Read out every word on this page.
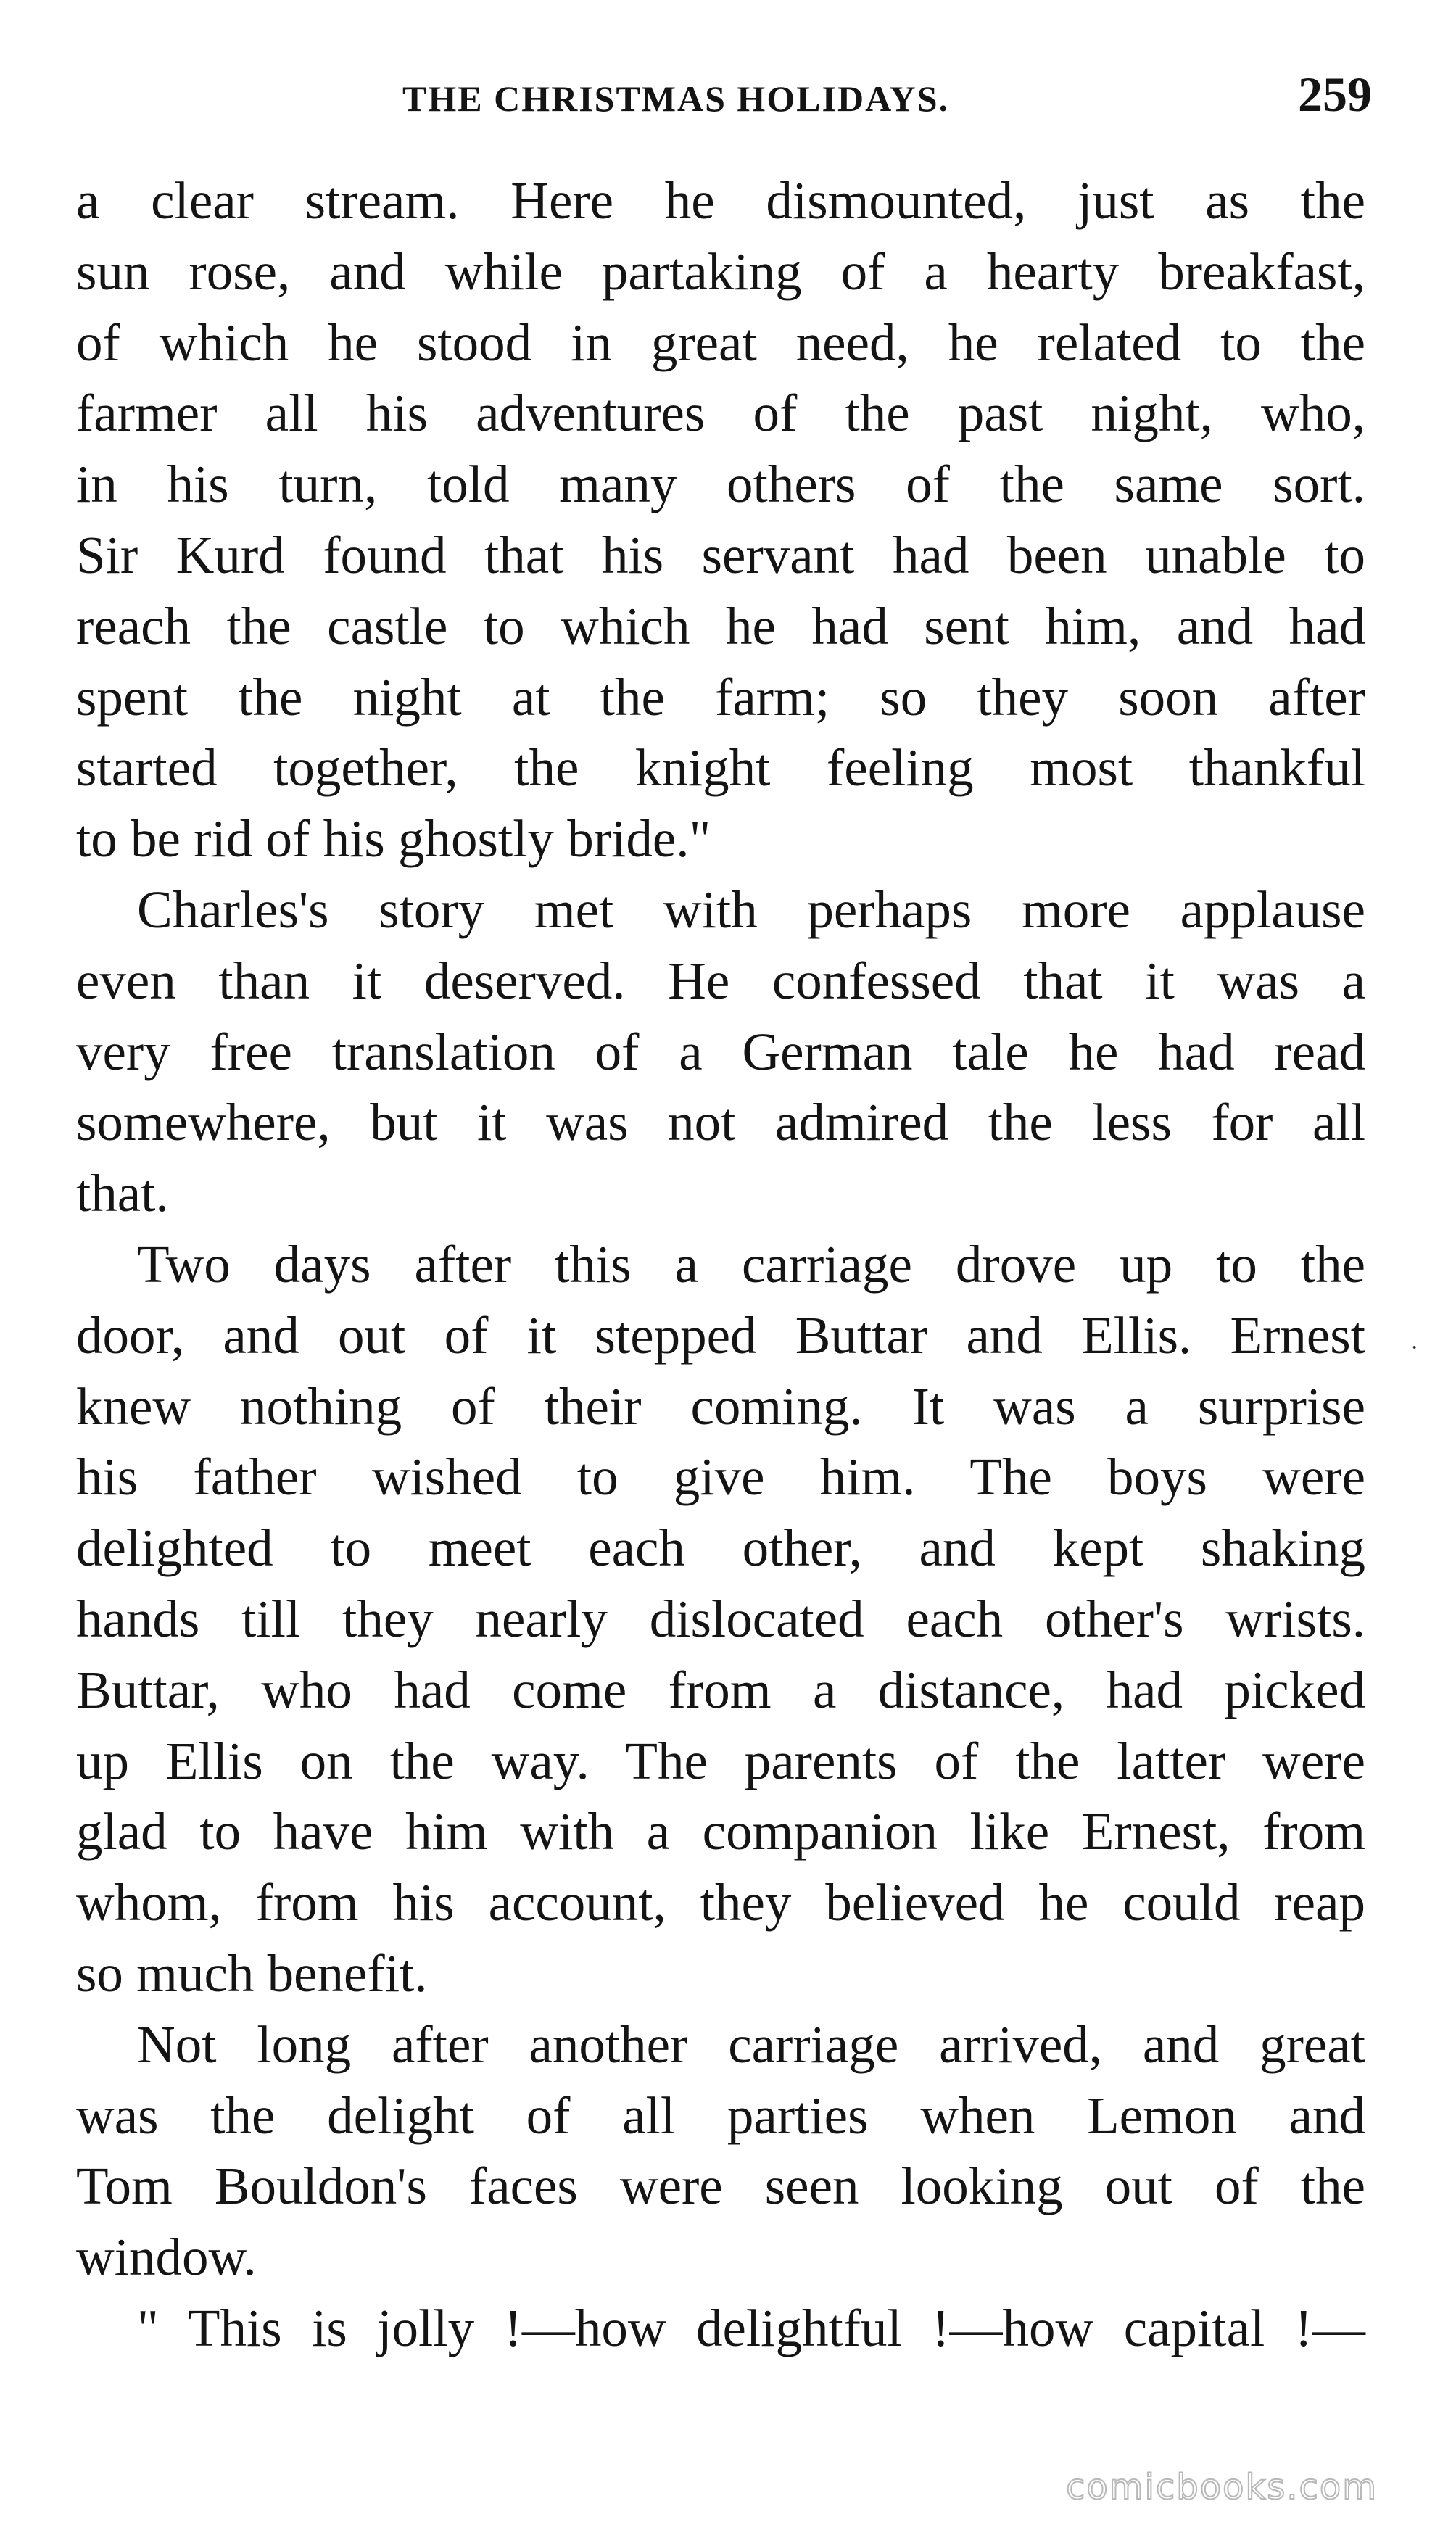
THE CHRISTMAS HOLIDAYS.	259
a clear stream. Here he dismounted, just as the
sun rose, and while partaking of a hearty breakfast,
of which he stood in great need, he related to the
farmer all his adventures of the past night, who,
in his turn, told many others of the same sort.
Sir Kurd found that his servant had been unable to
reach the castle to which he had sent him, and had
spent the night at the farm; so they soon after
started together, the knight feeling most thankful
to be rid of his ghostly bride."
Charles's story met with perhaps more applause
even than it deserved. He confessed that it was a
very free translation of a German tale he had read
somewhere, but it was not admired the less for all
that.
Two days after this a carriage drove up to the
door, and out of it stepped Buttar and Ellis. Ernest
knew nothing of their coming. It was a surprise
his father wished to give him. The boys were
delighted to meet each other, and kept shaking
hands till they nearly dislocated each other's wrists.
Buttar, who had come from a distance, had picked
up Ellis on the way. The parents of the latter were
glad to have him with a companion like Ernest, from
whom, from his account, they believed he could reap
so much benefit.
Not long after another carriage arrived, and great
was the delight of all parties when Lemon and
Tom Bouldon's faces were seen looking out of the
window.
" This is jolly !—how delightful !—how capital !—
·
comicbooks.com
